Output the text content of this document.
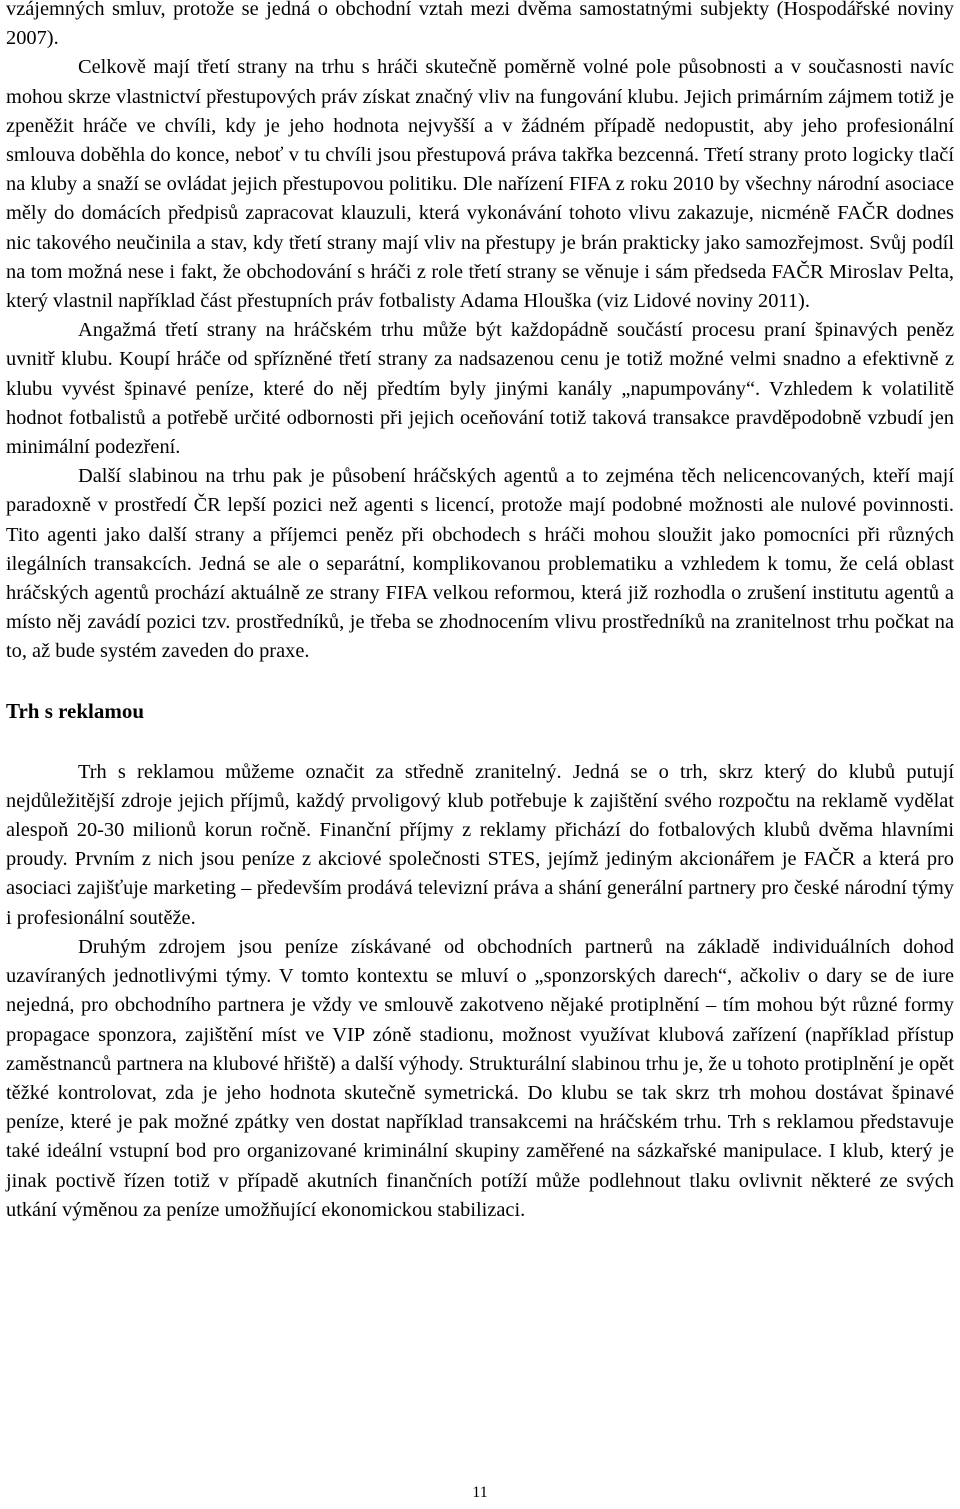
vzájemných smluv, protože se jedná o obchodní vztah mezi dvěma samostatnými subjekty (Hospodářské noviny 2007).

Celkově mají třetí strany na trhu s hráči skutečně poměrně volné pole působnosti a v současnosti navíc mohou skrze vlastnictví přestupových práv získat značný vliv na fungování klubu. Jejich primárním zájmem totiž je zpeněžit hráče ve chvíli, kdy je jeho hodnota nejvyšší a v žádném případě nedopustit, aby jeho profesionální smlouva doběhla do konce, neboť v tu chvíli jsou přestupová práva takřka bezcenná. Třetí strany proto logicky tlačí na kluby a snaží se ovládat jejich přestupovou politiku. Dle nařízení FIFA z roku 2010 by všechny národní asociace měly do domácích předpisů zapracovat klauzuli, která vykonávání tohoto vlivu zakazuje, nicméně FAČR dodnes nic takového neučinila a stav, kdy třetí strany mají vliv na přestupy je brán prakticky jako samozřejmost. Svůj podíl na tom možná nese i fakt, že obchodování s hráči z role třetí strany se věnuje i sám předseda FAČR Miroslav Pelta, který vlastnil například část přestupních práv fotbalisty Adama Hlouška (viz Lidové noviny 2011).

Angažmá třetí strany na hráčském trhu může být každopádně součástí procesu praní špinavých peněz uvnitř klubu. Koupí hráče od spřízněné třetí strany za nadsazenou cenu je totiž možné velmi snadno a efektivně z klubu vyvést špinavé peníze, které do něj předtím byly jinými kanály „napumpovány“. Vzhledem k volatilitě hodnot fotbalistů a potřebě určité odbornosti při jejich oceňování totiž taková transakce pravděpodobně vzbudí jen minimální podezření.

Další slabinou na trhu pak je působení hráčských agentů a to zejména těch nelicencovaných, kteří mají paradoxně v prostředí ČR lepší pozici než agenti s licencí, protože mají podobné možnosti ale nulové povinnosti. Tito agenti jako další strany a příjemci peněz při obchodech s hráči mohou sloužit jako pomocníci při různých ilegálních transakcích. Jedná se ale o separátní, komplikovanou problematiku a vzhledem k tomu, že celá oblast hráčských agentů prochází aktuálně ze strany FIFA velkou reformou, která již rozhodla o zrušení institutu agentů a místo něj zavádí pozici tzv. prostředníků, je třeba se zhodnocením vlivu prostředníků na zranitelnost trhu počkat na to, až bude systém zaveden do praxe.

Trh s reklamou

Trh s reklamou můžeme označit za středně zranitelný. Jedná se o trh, skrz který do klubů putují nejdůležitější zdroje jejich příjmů, každý prvoligový klub potřebuje k zajištění svého rozpočtu na reklamě vydělat alespoň 20-30 milionů korun ročně. Finanční příjmy z reklamy přichází do fotbalových klubů dvěma hlavními proudy. Prvním z nich jsou peníze z akciové společnosti STES, jejímž jediným akcionářem je FAČR a která pro asociaci zajišťuje marketing – především prodává televizní práva a shání generální partnery pro české národní týmy i profesionální soutěže.

Druhým zdrojem jsou peníze získávané od obchodních partnerů na základě individuálních dohod uzavíraných jednotlivými týmy. V tomto kontextu se mluví o „sponzorských darech“, ačkoliv o dary se de iure nejedná, pro obchodního partnera je vždy ve smlouvě zakotveno nějaké protiplnění – tím mohou být různé formy propagace sponzora, zajištění míst ve VIP zóně stadionu, možnost využívat klubová zařízení (například přístup zaměstnanců partnera na klubové hřiště) a další výhody. Strukturální slabinou trhu je, že u tohoto protiplnění je opět těžké kontrolovat, zda je jeho hodnota skutečně symetrická. Do klubu se tak skrz trh mohou dostávat špinavé peníze, které je pak možné zpátky ven dostat například transakcemi na hráčském trhu. Trh s reklamou představuje také ideální vstupní bod pro organizované kriminální skupiny zaměřené na sázkařské manipulace. I klub, který je jinak poctivě řízen totiž v případě akutních finančních potíží může podlehnout tlaku ovlivnit některé ze svých utkání výměnou za peníze umožňující ekonomickou stabilizaci.

11
